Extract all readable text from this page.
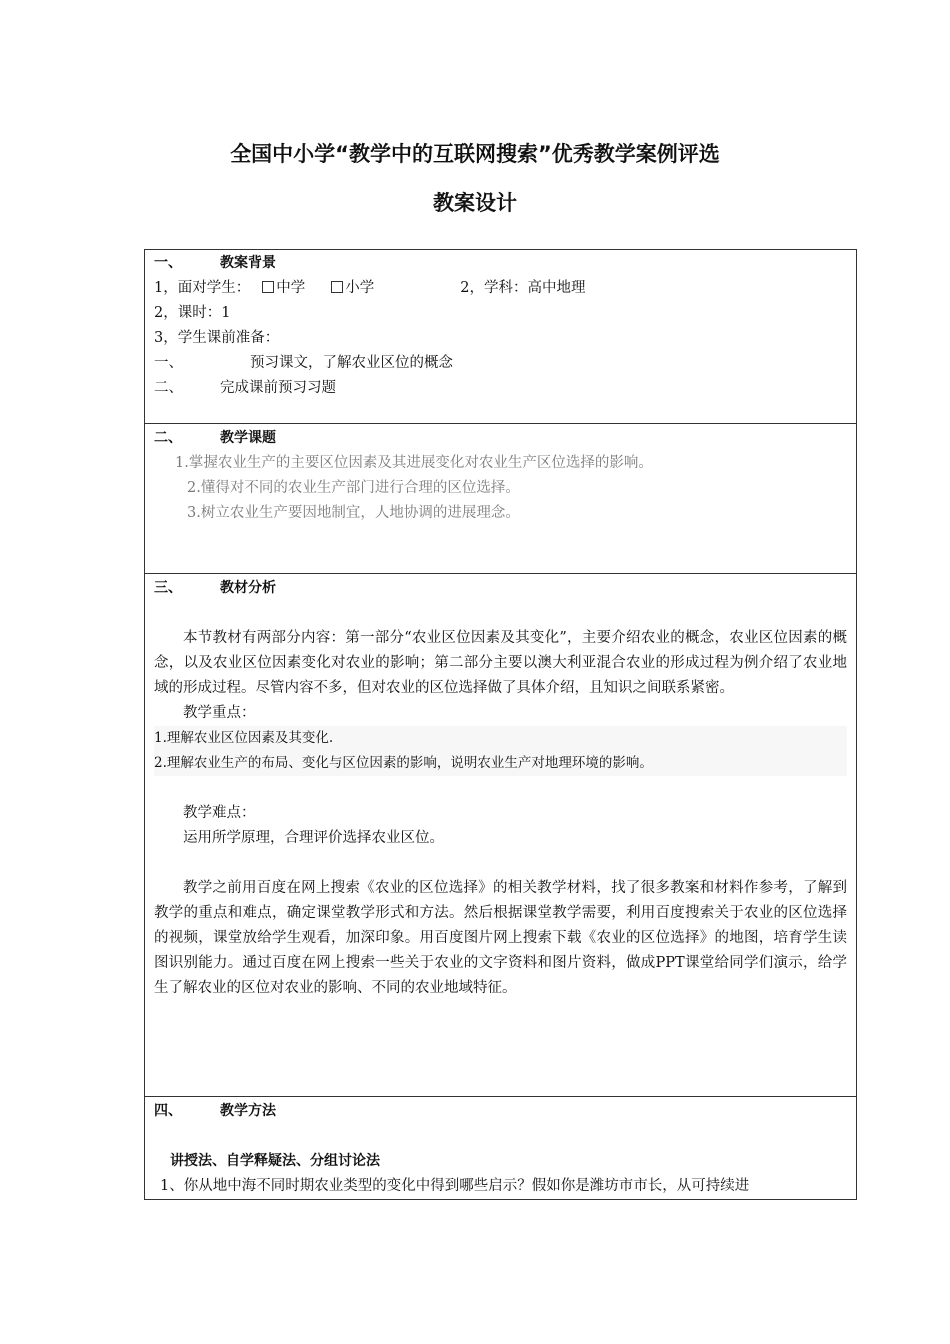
全国中小学“教学中的互联网搜索”优秀教学案例评选
教案设计
一、	教案背景
1，面对学生： 中学	小学	2，学科：高中地理
2，课时：1
3，学生课前准备：
一、	预习课文，了解农业区位的概念
二、	完成课前预习习题

二、	教学课题
1.掌握农业生产的主要区位因素及其进展变化对农业生产区位选择的影响。
2.懂得对不同的农业生产部门进行合理的区位选择。
3.树立农业生产要因地制宜，人地协调的进展理念。

三、	教材分析
本节教材有两部分内容：第一部分“农业区位因素及其变化”，主要介绍农业的概念，农业区位因素的概念，以及农业区位因素变化对农业的影响；第二部分主要以澳大利亚混合农业的形成过程为例介绍了农业地域的形成过程。尽管内容不多，但对农业的区位选择做了具体介绍，且知识之间联系紧密。
教学重点：
1.理解农业区位因素及其变化.
2.理解农业生产的布局、变化与区位因素的影响，说明农业生产对地理环境的影响。
教学难点：
运用所学原理，合理评价选择农业区位。
教学之前用百度在网上搜索《农业的区位选择》的相关教学材料，找了很多教案和材料作参考，了解到教学的重点和难点，确定课堂教学形式和方法。然后根据课堂教学需要，利用百度搜索关于农业的区位选择的视频，课堂放给学生观看，加深印象。用百度图片网上搜索下载《农业的区位选择》的地图，培育学生读图识别能力。通过百度在网上搜索一些关于农业的文字资料和图片资料，做成PPT课堂给同学们演示，给学生了解农业的区位对农业的影响、不同的农业地域特征。

四、	教学方法
讲授法、自学释疑法、分组讨论法
1、你从地中海不同时期农业类型的变化中得到哪些启示？假如你是潍坊市市长，从可持续进
